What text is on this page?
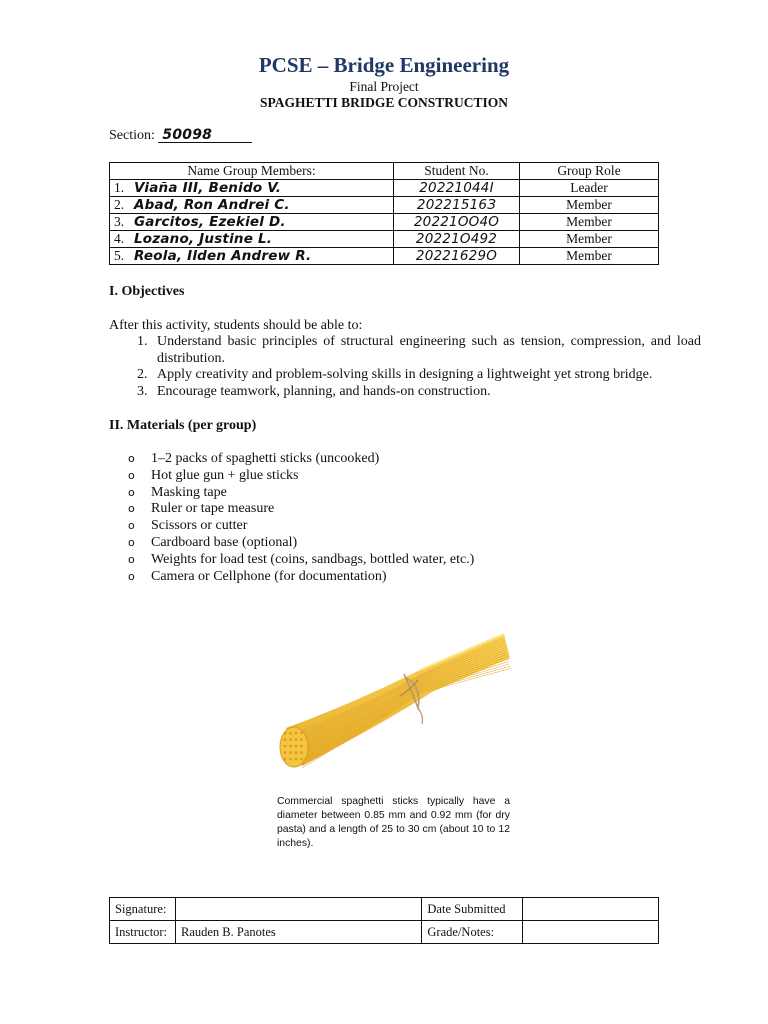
PCSE – Bridge Engineering
Final Project
SPAGHETTI BRIDGE CONSTRUCTION
Section: 50098
Name Group Members:	Student No.	Group Role
1. Viaña III, Benido V.	20221044I	Leader
2. Abad, Ron Andrei C.	20221516З	Member
3. Garcitos, Ezekiel D.	20221OO4O	Member
4. Lozano, Justine L.	20221O492	Member
5. Reola, Ilden Andrew R.	20221629O	Member
I. Objectives
After this activity, students should be able to:
1. Understand basic principles of structural engineering such as tension, compression, and load distribution.
2. Apply creativity and problem-solving skills in designing a lightweight yet strong bridge.
3. Encourage teamwork, planning, and hands-on construction.
II. Materials (per group)
o 1–2 packs of spaghetti sticks (uncooked)
o Hot glue gun + glue sticks
o Masking tape
o Ruler or tape measure
o Scissors or cutter
o Cardboard base (optional)
o Weights for load test (coins, sandbags, bottled water, etc.)
o Camera or Cellphone (for documentation)
Commercial spaghetti sticks typically have a diameter between 0.85 mm and 0.92 mm (for dry pasta) and a length of 25 to 30 cm (about 10 to 12 inches).
Signature:		Date Submitted	
Instructor:	Rauden B. Panotes	Grade/Notes:	
